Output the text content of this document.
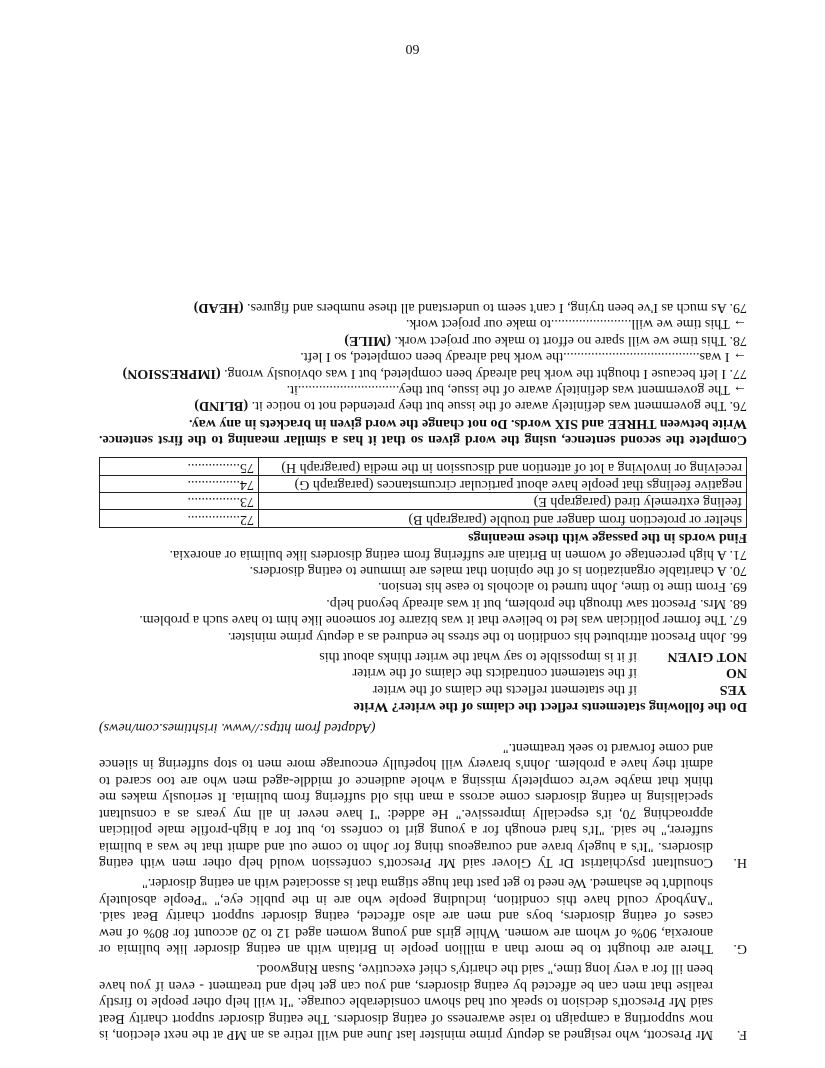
F.

Mr Prescott, who resigned as deputy prime minister last June and will retire as an MP at the next election, is now supporting a campaign to raise awareness of eating disorders. The eating disorder support charity Beat said Mr Prescott's decision to speak out had shown considerable courage. "It will help other people to firstly realise that men can be affected by eating disorders, and you can get help and treatment - even if you have been ill for a very long time," said the charity's chief executive, Susan Ringwood.

G.

There are thought to be more than a million people in Britain with an eating disorder like bulimia or anorexia, 90% of whom are women. While girls and young women aged 12 to 20 account for 80% of new cases of eating disorders, boys and men are also affected, eating disorder support charity Beat said. "Anybody could have this condition, including people who are in the public eye," "People absolutely shouldn't be ashamed. We need to get past that huge stigma that is associated with an eating disorder."

H.

Consultant psychiatrist Dr Ty Glover said Mr Prescott's confession would help other men with eating disorders. "It's a hugely brave and courageous thing for John to come out and admit that he was a bulimia sufferer," he said. "It's hard enough for a young girl to confess to, but for a high-profile male politician approaching 70, it's especially impressive." He added: "I have never in all my years as a consultant specialising in eating disorders come across a man this old suffering from bulimia. It seriously makes me think that maybe we're completely missing a whole audience of middle-aged men who are too scared to admit they have a problem. John's bravery will hopefully encourage more men to stop suffering in silence and come forward to seek treatment."

(Adapted from https://www. irishtimes.com/news)

Do the following statements reflect the claims of the writer? Write

YES
if the statement reflects the claims of the writer
NO
if the statement contradicts the claims of the writer
NOT GIVEN
if it is impossible to say what the writer thinks about this

66. John Prescott attributed his condition to the stress he endured as a deputy prime minister.

67. The former politician was led to believe that it was bizarre for someone like him to have such a problem.

68. Mrs. Prescott saw through the problem, but it was already beyond help.

69. From time to time, John turned to alcohols to ease his tension.

70. A charitable organization is of the opinion that males are immune to eating disorders.

71. A high percentage of women in Britain are suffering from eating disorders like bulimia or anorexia.

Find words in the passage with these meanings

shelter or protection from danger and trouble (paragraph B)	72...............
feeling extremely tired (paragraph E)	73...............
negative feelings that people have about particular circumstances (paragraph G)	74...............
receiving or involving a lot of attention and discussion in the media (paragraph H)	75...............

Complete the second sentence, using the word given so that it has a similar meaning to the first sentence. Write between THREE and SIX words. Do not change the word given in brackets in any way.

76. The government was definitely aware of the issue but they pretended not to notice it. (BLIND)

→ The government was definitely aware of the issue, but they.............................it.

77. I left because I thought the work had already been completed, but I was obviously wrong. (IMPRESSION)

→ I was.......................................the work had already been completed, so I left.

78. This time we will spare no effort to make our project work. (MILE)

→ This time we will.......................to make our project work.

79. As much as I've been trying, I can't seem to understand all these numbers and figures. (HEAD)

60
